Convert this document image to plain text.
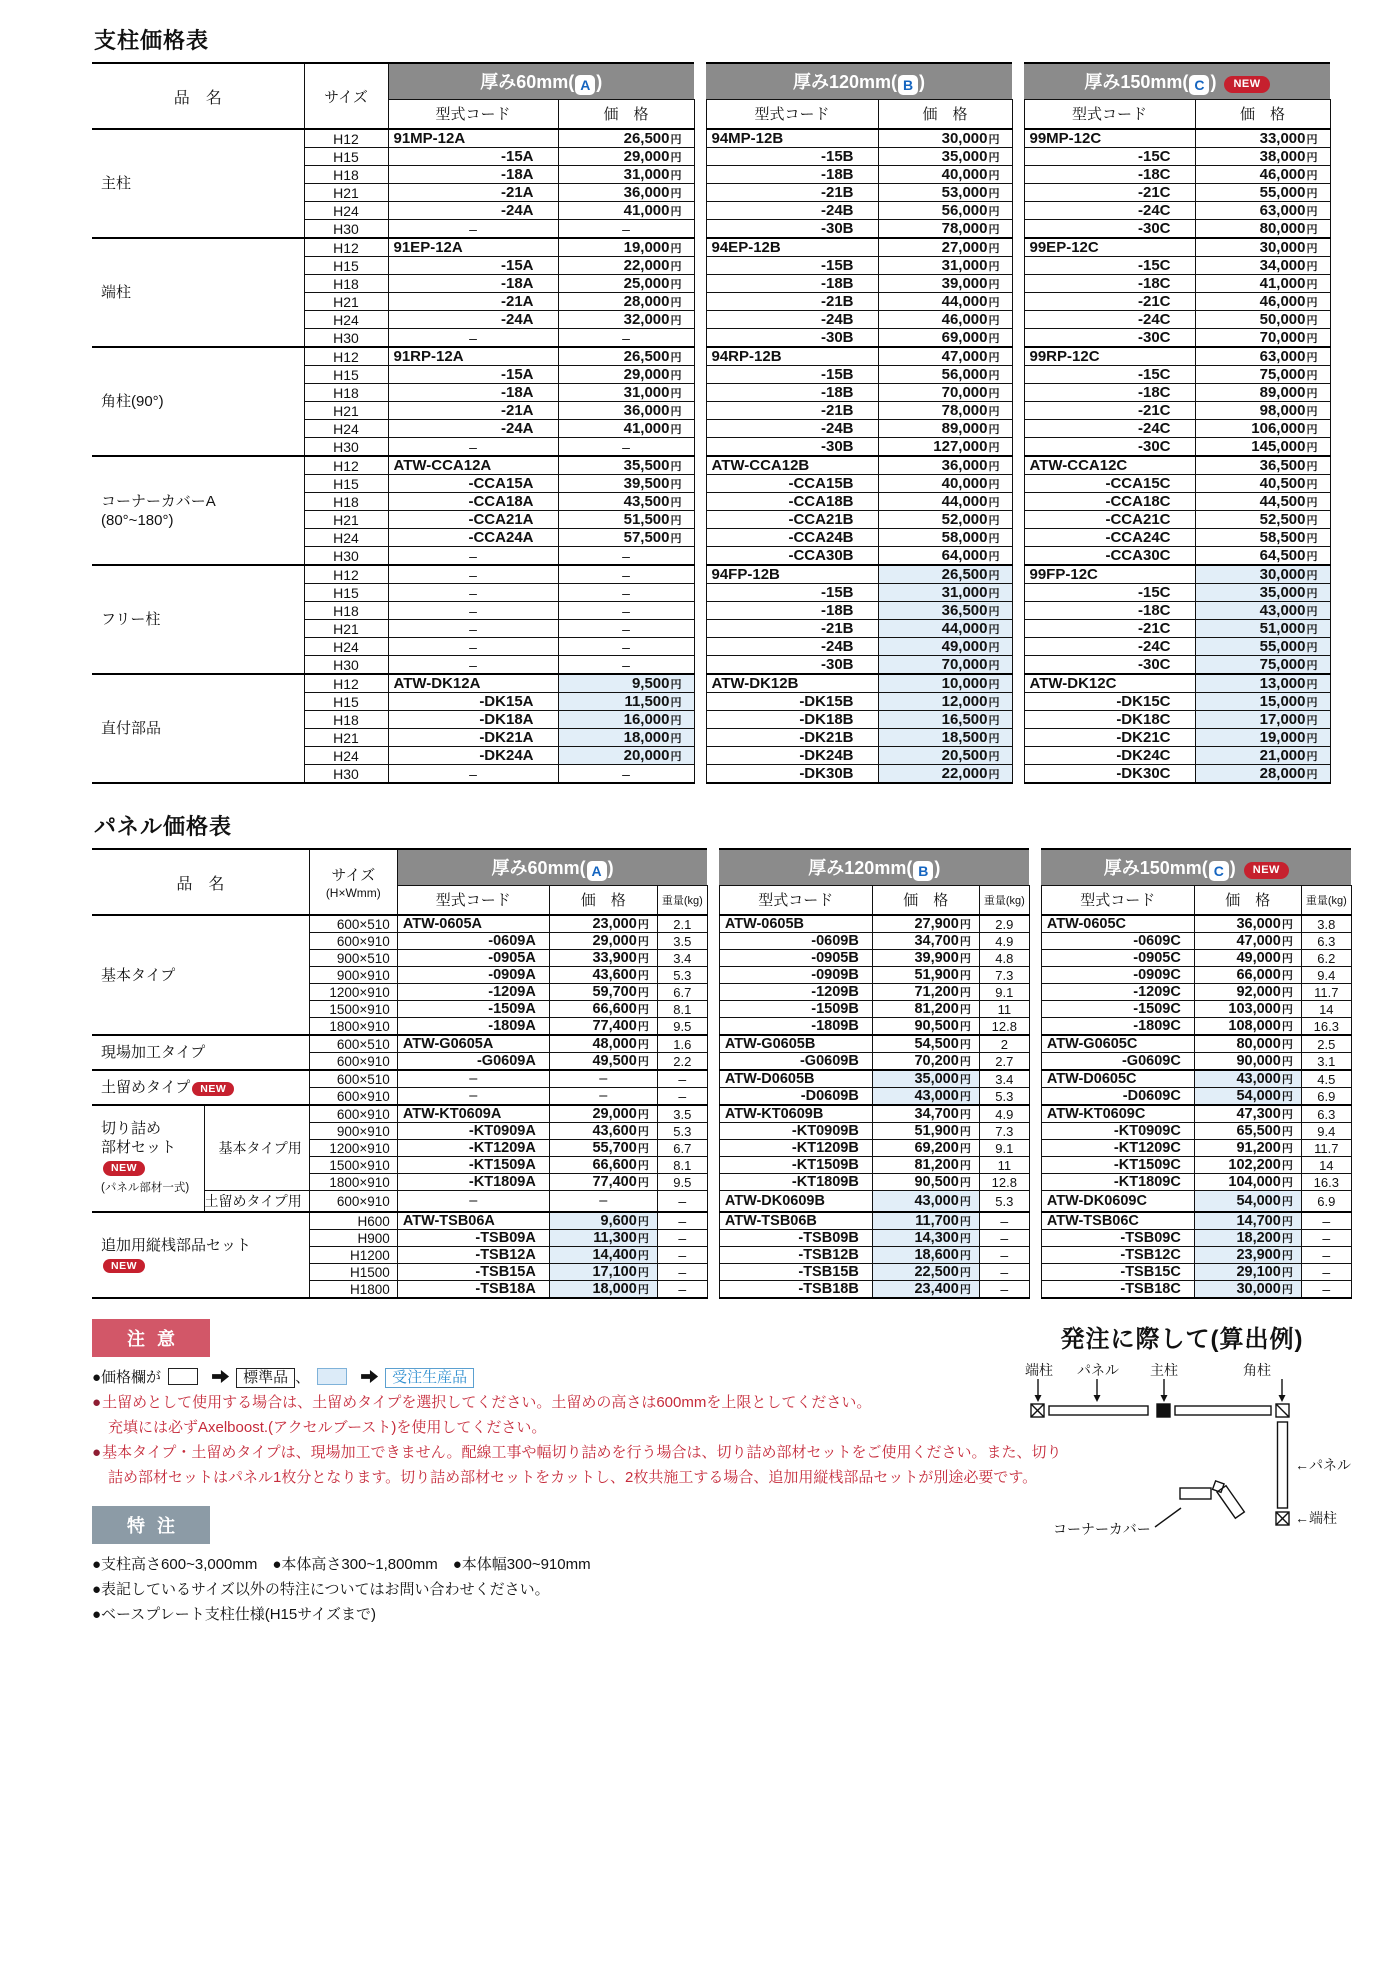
支柱価格表
品　名	サイズ	厚み60mm( A )			厚み120mm( B )			厚み150mm( C ) NEW	
		型式コード	価　格		型式コード	価　格		型式コード	価　格

主柱	H12	91MP-12A	26,500円		94MP-12B	30,000円		99MP-12C	33,000円
	H15	-15A	29,000円		-15B	35,000円		-15C	38,000円
	H18	-18A	31,000円		-18B	40,000円		-18C	46,000円
	H21	-21A	36,000円		-21B	53,000円		-21C	55,000円
	H24	-24A	41,000円		-24B	56,000円		-24C	63,000円
	H30	–	–		-30B	78,000円		-30C	80,000円

端柱	H12	91EP-12A	19,000円		94EP-12B	27,000円		99EP-12C	30,000円
	H15	-15A	22,000円		-15B	31,000円		-15C	34,000円
	H18	-18A	25,000円		-18B	39,000円		-18C	41,000円
	H21	-21A	28,000円		-21B	44,000円		-21C	46,000円
	H24	-24A	32,000円		-24B	46,000円		-24C	50,000円
	H30	–	–		-30B	69,000円		-30C	70,000円

角柱(90°)	H12	91RP-12A	26,500円		94RP-12B	47,000円		99RP-12C	63,000円
	H15	-15A	29,000円		-15B	56,000円		-15C	75,000円
	H18	-18A	31,000円		-18B	70,000円		-18C	89,000円
	H21	-21A	36,000円		-21B	78,000円		-21C	98,000円
	H24	-24A	41,000円		-24B	89,000円		-24C	106,000円
	H30	–	–		-30B	127,000円		-30C	145,000円

コーナーカバーA
(80°~180°)	H12	ATW-CCA12A	35,500円		ATW-CCA12B	36,000円		ATW-CCA12C	36,500円
	H15	-CCA15A	39,500円		-CCA15B	40,000円		-CCA15C	40,500円
	H18	-CCA18A	43,500円		-CCA18B	44,000円		-CCA18C	44,500円
	H21	-CCA21A	51,500円		-CCA21B	52,000円		-CCA21C	52,500円
	H24	-CCA24A	57,500円		-CCA24B	58,000円		-CCA24C	58,500円
	H30	–	–		-CCA30B	64,000円		-CCA30C	64,500円

フリー柱	H12	–	–		94FP-12B	26,500円		99FP-12C	30,000円
	H15	–	–		-15B	31,000円		-15C	35,000円
	H18	–	–		-18B	36,500円		-18C	43,000円
	H21	–	–		-21B	44,000円		-21C	51,000円
	H24	–	–		-24B	49,000円		-24C	55,000円
	H30	–	–		-30B	70,000円		-30C	75,000円

直付部品	H12	ATW-DK12A	9,500円		ATW-DK12B	10,000円		ATW-DK12C	13,000円
	H15	-DK15A	11,500円		-DK15B	12,000円		-DK15C	15,000円
	H18	-DK18A	16,000円		-DK18B	16,500円		-DK18C	17,000円
	H21	-DK21A	18,000円		-DK21B	18,500円		-DK21C	19,000円
	H24	-DK24A	20,000円		-DK24B	20,500円		-DK24C	21,000円
	H30	–	–		-DK30B	22,000円		-DK30C	28,000円
パネル価格表
品　名		サイズ
(H×Wmm)	厚み60mm( A )				厚み120mm( B )				厚み150mm( C ) NEW		
			型式コード	価　格	重量(kg)		型式コード	価　格	重量(kg)		型式コード	価　格	重量(kg)

基本タイプ		600×510	ATW-0605A	23,000円	2.1		ATW-0605B	27,900円	2.9		ATW-0605C	36,000円	3.8
		600×910	-0609A	29,000円	3.5		-0609B	34,700円	4.9		-0609C	47,000円	6.3
		900×510	-0905A	33,900円	3.4		-0905B	39,900円	4.8		-0905C	49,000円	6.2
		900×910	-0909A	43,600円	5.3		-0909B	51,900円	7.3		-0909C	66,000円	9.4
		1200×910	-1209A	59,700円	6.7		-1209B	71,200円	9.1		-1209C	92,000円	11.7
		1500×910	-1509A	66,600円	8.1		-1509B	81,200円	11		-1509C	103,000円	14
		1800×910	-1809A	77,400円	9.5		-1809B	90,500円	12.8		-1809C	108,000円	16.3

現場加工タイプ		600×510	ATW-G0605A	48,000円	1.6		ATW-G0605B	54,500円	2		ATW-G0605C	80,000円	2.5
		600×910	-G0609A	49,500円	2.2		-G0609B	70,200円	2.7		-G0609C	90,000円	3.1

土留めタイプ NEW		600×510	–	–	–		ATW-D0605B	35,000円	3.4		ATW-D0605C	43,000円	4.5
		600×910	–	–	–		-D0609B	43,000円	5.3		-D0609C	54,000円	6.9

切り詰め
部材セット
NEW
(パネル部材一式)	基本タイプ用	600×910	ATW-KT0609A	29,000円	3.5		ATW-KT0609B	34,700円	4.9		ATW-KT0609C	47,300円	6.3
		900×910	-KT0909A	43,600円	5.3		-KT0909B	51,900円	7.3		-KT0909C	65,500円	9.4
		1200×910	-KT1209A	55,700円	6.7		-KT1209B	69,200円	9.1		-KT1209C	91,200円	11.7
		1500×910	-KT1509A	66,600円	8.1		-KT1509B	81,200円	11		-KT1509C	102,200円	14
		1800×910	-KT1809A	77,400円	9.5		-KT1809B	90,500円	12.8		-KT1809C	104,000円	16.3
	土留めタイプ用	600×910	–	–	–		ATW-DK0609B	43,000円	5.3		ATW-DK0609C	54,000円	6.9

追加用縦桟部品セット
NEW		H600	ATW-TSB06A	9,600円	–		ATW-TSB06B	11,700円	–		ATW-TSB06C	14,700円	–
		H900	-TSB09A	11,300円	–		-TSB09B	14,300円	–		-TSB09C	18,200円	–
		H1200	-TSB12A	14,400円	–		-TSB12B	18,600円	–		-TSB12C	23,900円	–
		H1500	-TSB15A	17,100円	–		-TSB15B	22,500円	–		-TSB15C	29,100円	–
		H1800	-TSB18A	18,000円	–		-TSB18B	23,400円	–		-TSB18C	30,000円	–
注意
●価格欄が	標準品 、	受注生産品
●土留めとして使用する場合は、土留めタイプを選択してください。土留めの高さは600mmを上限としてください。
充填には必ずAxelboost.(アクセルブースト)を使用してください。
●基本タイプ・土留めタイプは、現場加工できません。配線工事や幅切り詰めを行う場合は、切り詰め部材セットをご使用ください。また、切り
詰め部材セットはパネル1枚分となります。切り詰め部材セットをカットし、2枚共施工する場合、追加用縦桟部品セットが別途必要です。
特注
●支柱高さ600~3,000mm　●本体高さ300~1,800mm　●本体幅300~910mm
●表記しているサイズ以外の特注についてはお問い合わせください。
●ベースプレート支柱仕様(H15サイズまで)
発注に際して(算出例)
端柱 パネル 主柱	角柱
←パネル
←端柱
コーナーカバー
